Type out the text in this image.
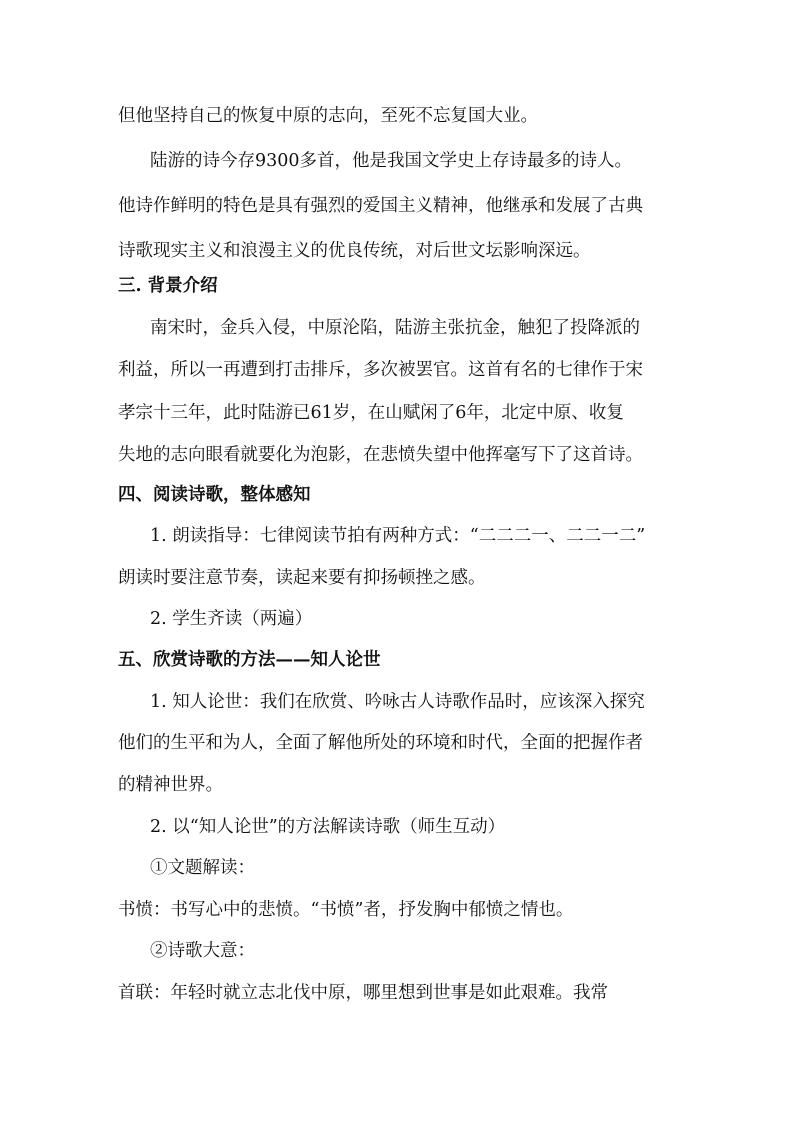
但他坚持自己的恢复中原的志向，至死不忘复国大业。
陆游的诗今存9300多首，他是我国文学史上存诗最多的诗人。
他诗作鲜明的特色是具有强烈的爱国主义精神，他继承和发展了古典
诗歌现实主义和浪漫主义的优良传统，对后世文坛影响深远。
三. 背景介绍
南宋时，金兵入侵，中原沦陷，陆游主张抗金，触犯了投降派的
利益，所以一再遭到打击排斥，多次被罢官。这首有名的七律作于宋
孝宗十三年，此时陆游已61岁，在山赋闲了6年，北定中原、收复
失地的志向眼看就要化为泡影，在悲愤失望中他挥毫写下了这首诗。
四、阅读诗歌，整体感知
1. 朗读指导：七律阅读节拍有两种方式：“二二二一、二二一二”
朗读时要注意节奏，读起来要有抑扬顿挫之感。
2. 学生齐读（两遍）
五、欣赏诗歌的方法——知人论世
1. 知人论世：我们在欣赏、吟咏古人诗歌作品时，应该深入探究
他们的生平和为人，全面了解他所处的环境和时代，全面的把握作者
的精神世界。
2. 以“知人论世”的方法解读诗歌（师生互动）
①文题解读：
书愤：书写心中的悲愤。“书愤”者，抒发胸中郁愤之情也。
②诗歌大意：
首联：年轻时就立志北伐中原，哪里想到世事是如此艰难。我常
